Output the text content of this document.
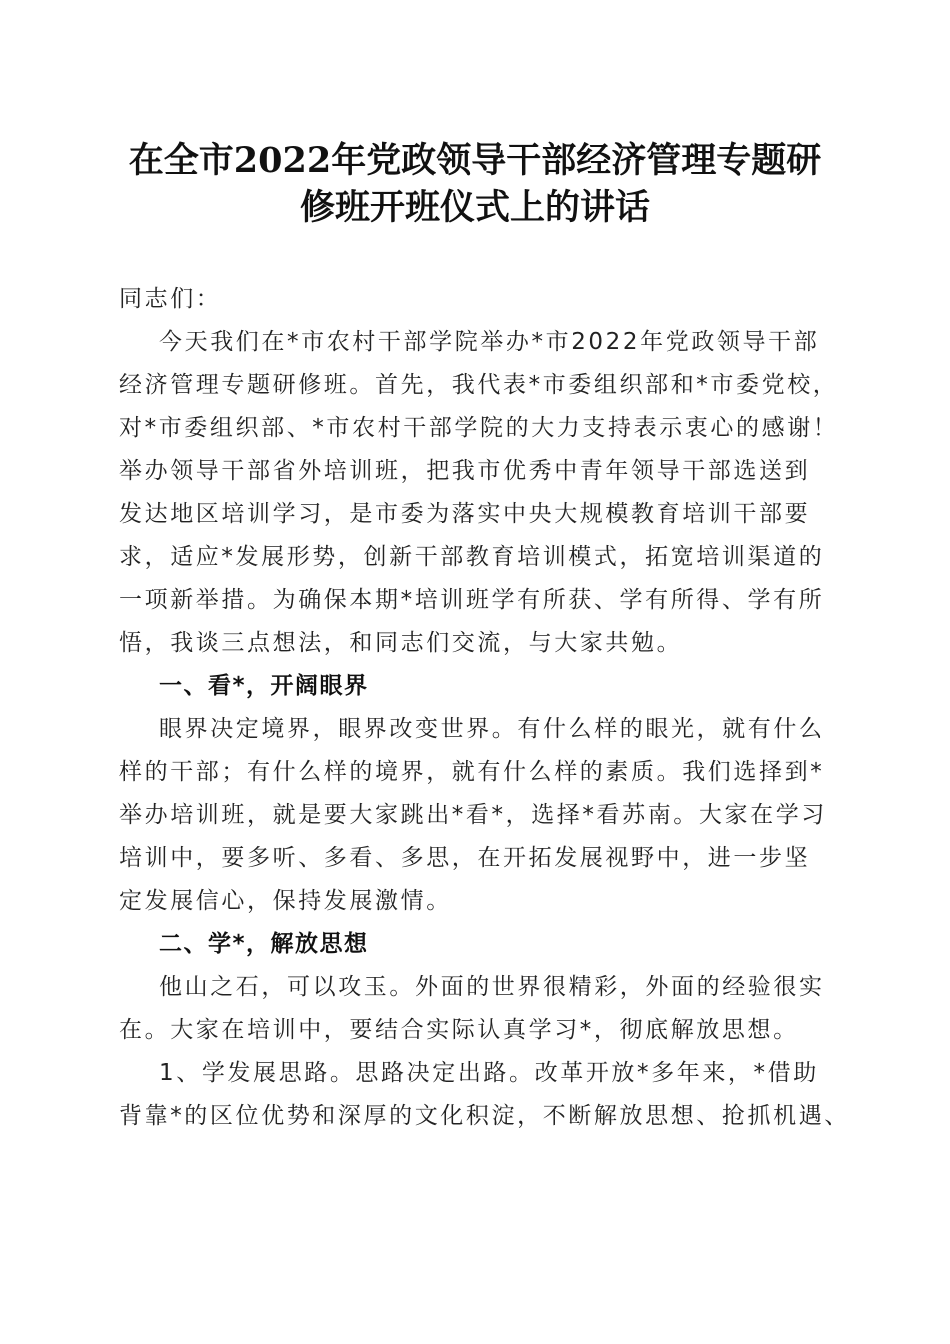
在全市2022年党政领导干部经济管理专题研
修班开班仪式上的讲话
同志们：
今天我们在*市农村干部学院举办*市2022年党政领导干部
经济管理专题研修班。首先，我代表*市委组织部和*市委党校，
对*市委组织部、*市农村干部学院的大力支持表示衷心的感谢！
举办领导干部省外培训班，把我市优秀中青年领导干部选送到
发达地区培训学习，是市委为落实中央大规模教育培训干部要
求，适应*发展形势，创新干部教育培训模式，拓宽培训渠道的
一项新举措。为确保本期*培训班学有所获、学有所得、学有所
悟，我谈三点想法，和同志们交流，与大家共勉。
一、看*，开阔眼界
眼界决定境界，眼界改变世界。有什么样的眼光，就有什么
样的干部；有什么样的境界，就有什么样的素质。我们选择到*
举办培训班，就是要大家跳出*看*，选择*看苏南。大家在学习
培训中，要多听、多看、多思，在开拓发展视野中，进一步坚
定发展信心，保持发展激情。
二、学*，解放思想
他山之石，可以攻玉。外面的世界很精彩，外面的经验很实
在。大家在培训中，要结合实际认真学习*，彻底解放思想。
1、学发展思路。思路决定出路。改革开放*多年来，*借助
背靠*的区位优势和深厚的文化积淀，不断解放思想、抢抓机遇、
